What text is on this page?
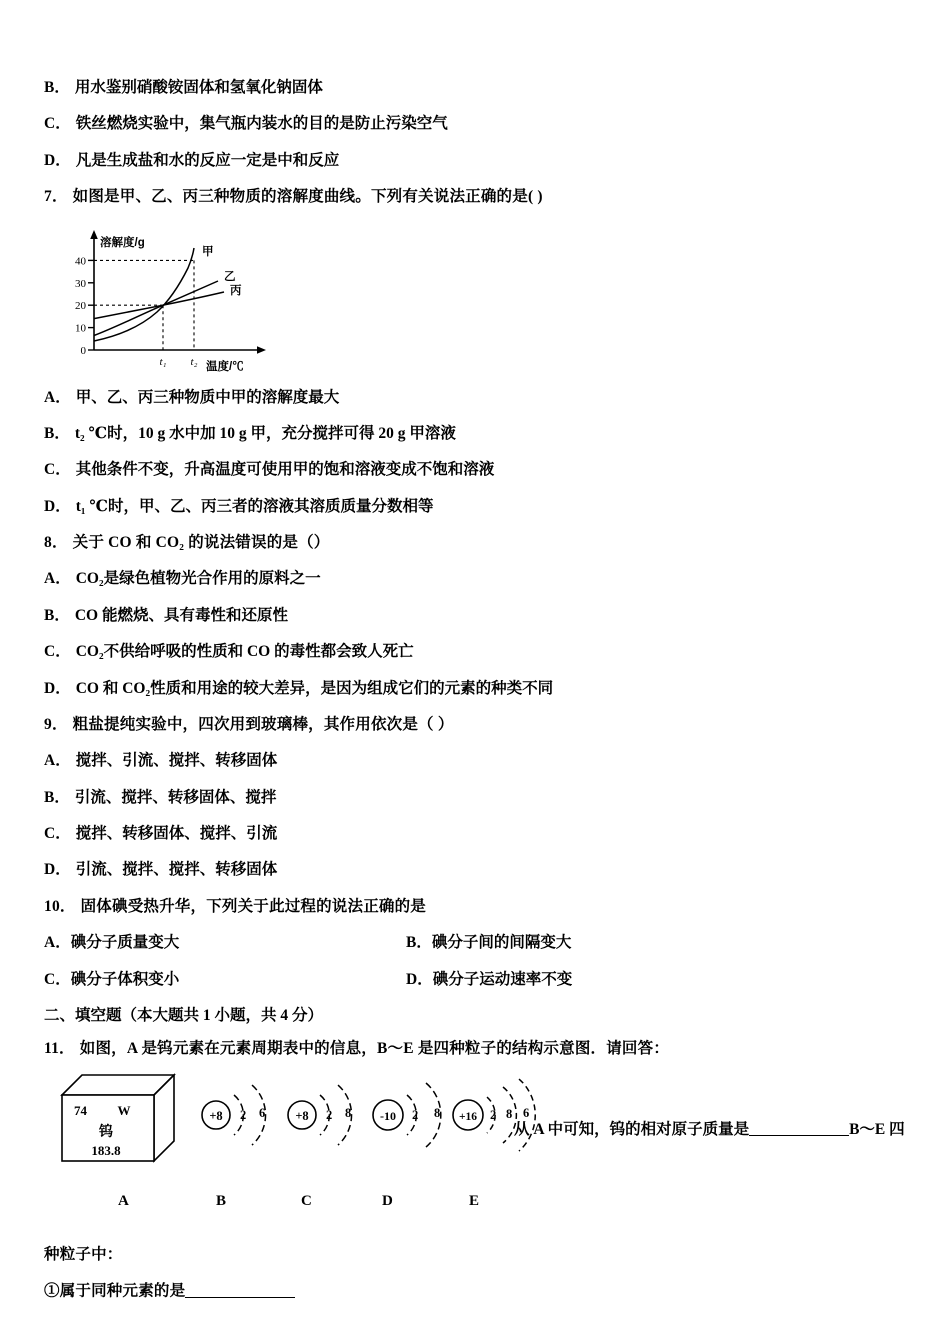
B． 用水鉴别硝酸铵固体和氢氧化钠固体
C． 铁丝燃烧实验中，集气瓶内装水的目的是防止污染空气
D． 凡是生成盐和水的反应一定是中和反应
7． 如图是甲、乙、丙三种物质的溶解度曲线。下列有关说法正确的是( )
0
10
20
30
40
溶解度/g
温度/℃
t₁ t₂
甲
乙
丙
A． 甲、乙、丙三种物质中甲的溶解度最大
B． t₂ ℃时，10 g 水中加 10 g 甲，充分搅拌可得 20 g 甲溶液
C． 其他条件不变，升高温度可使用甲的饱和溶液变成不饱和溶液
D． t₁ ℃时，甲、乙、丙三者的溶液其溶质质量分数相等
8． 关于 CO 和 CO₂ 的说法错误的是（）
A． CO₂是绿色植物光合作用的原料之一
B． CO 能燃烧、具有毒性和还原性
C． CO₂不供给呼吸的性质和 CO 的毒性都会致人死亡
D． CO 和 CO₂性质和用途的较大差异，是因为组成它们的元素的种类不同
9． 粗盐提纯实验中，四次用到玻璃棒，其作用依次是（ ）
A． 搅拌、引流、搅拌、转移固体
B． 引流、搅拌、转移固体、搅拌
C． 搅拌、转移固体、搅拌、引流
D． 引流、搅拌、搅拌、转移固体
10． 固体碘受热升华，下列关于此过程的说法正确的是
A．碘分子质量变大	B．碘分子间的间隔变大
C．碘分子体积变小	D．碘分子运动速率不变
二、填空题（本大题共 1 小题，共 4 分）
11． 如图，A 是钨元素在元素周期表中的信息，B～E 是四种粒子的结构示意图．请回答：
74 W
钨
183.8
+8 2 6 +8 2 8 -10 2 8 +16 2 8 6
从 A 中可知，钨的相对原子质量是	B～E 四
A	B	C	D	E
种粒子中：
①属于同种元素的是
